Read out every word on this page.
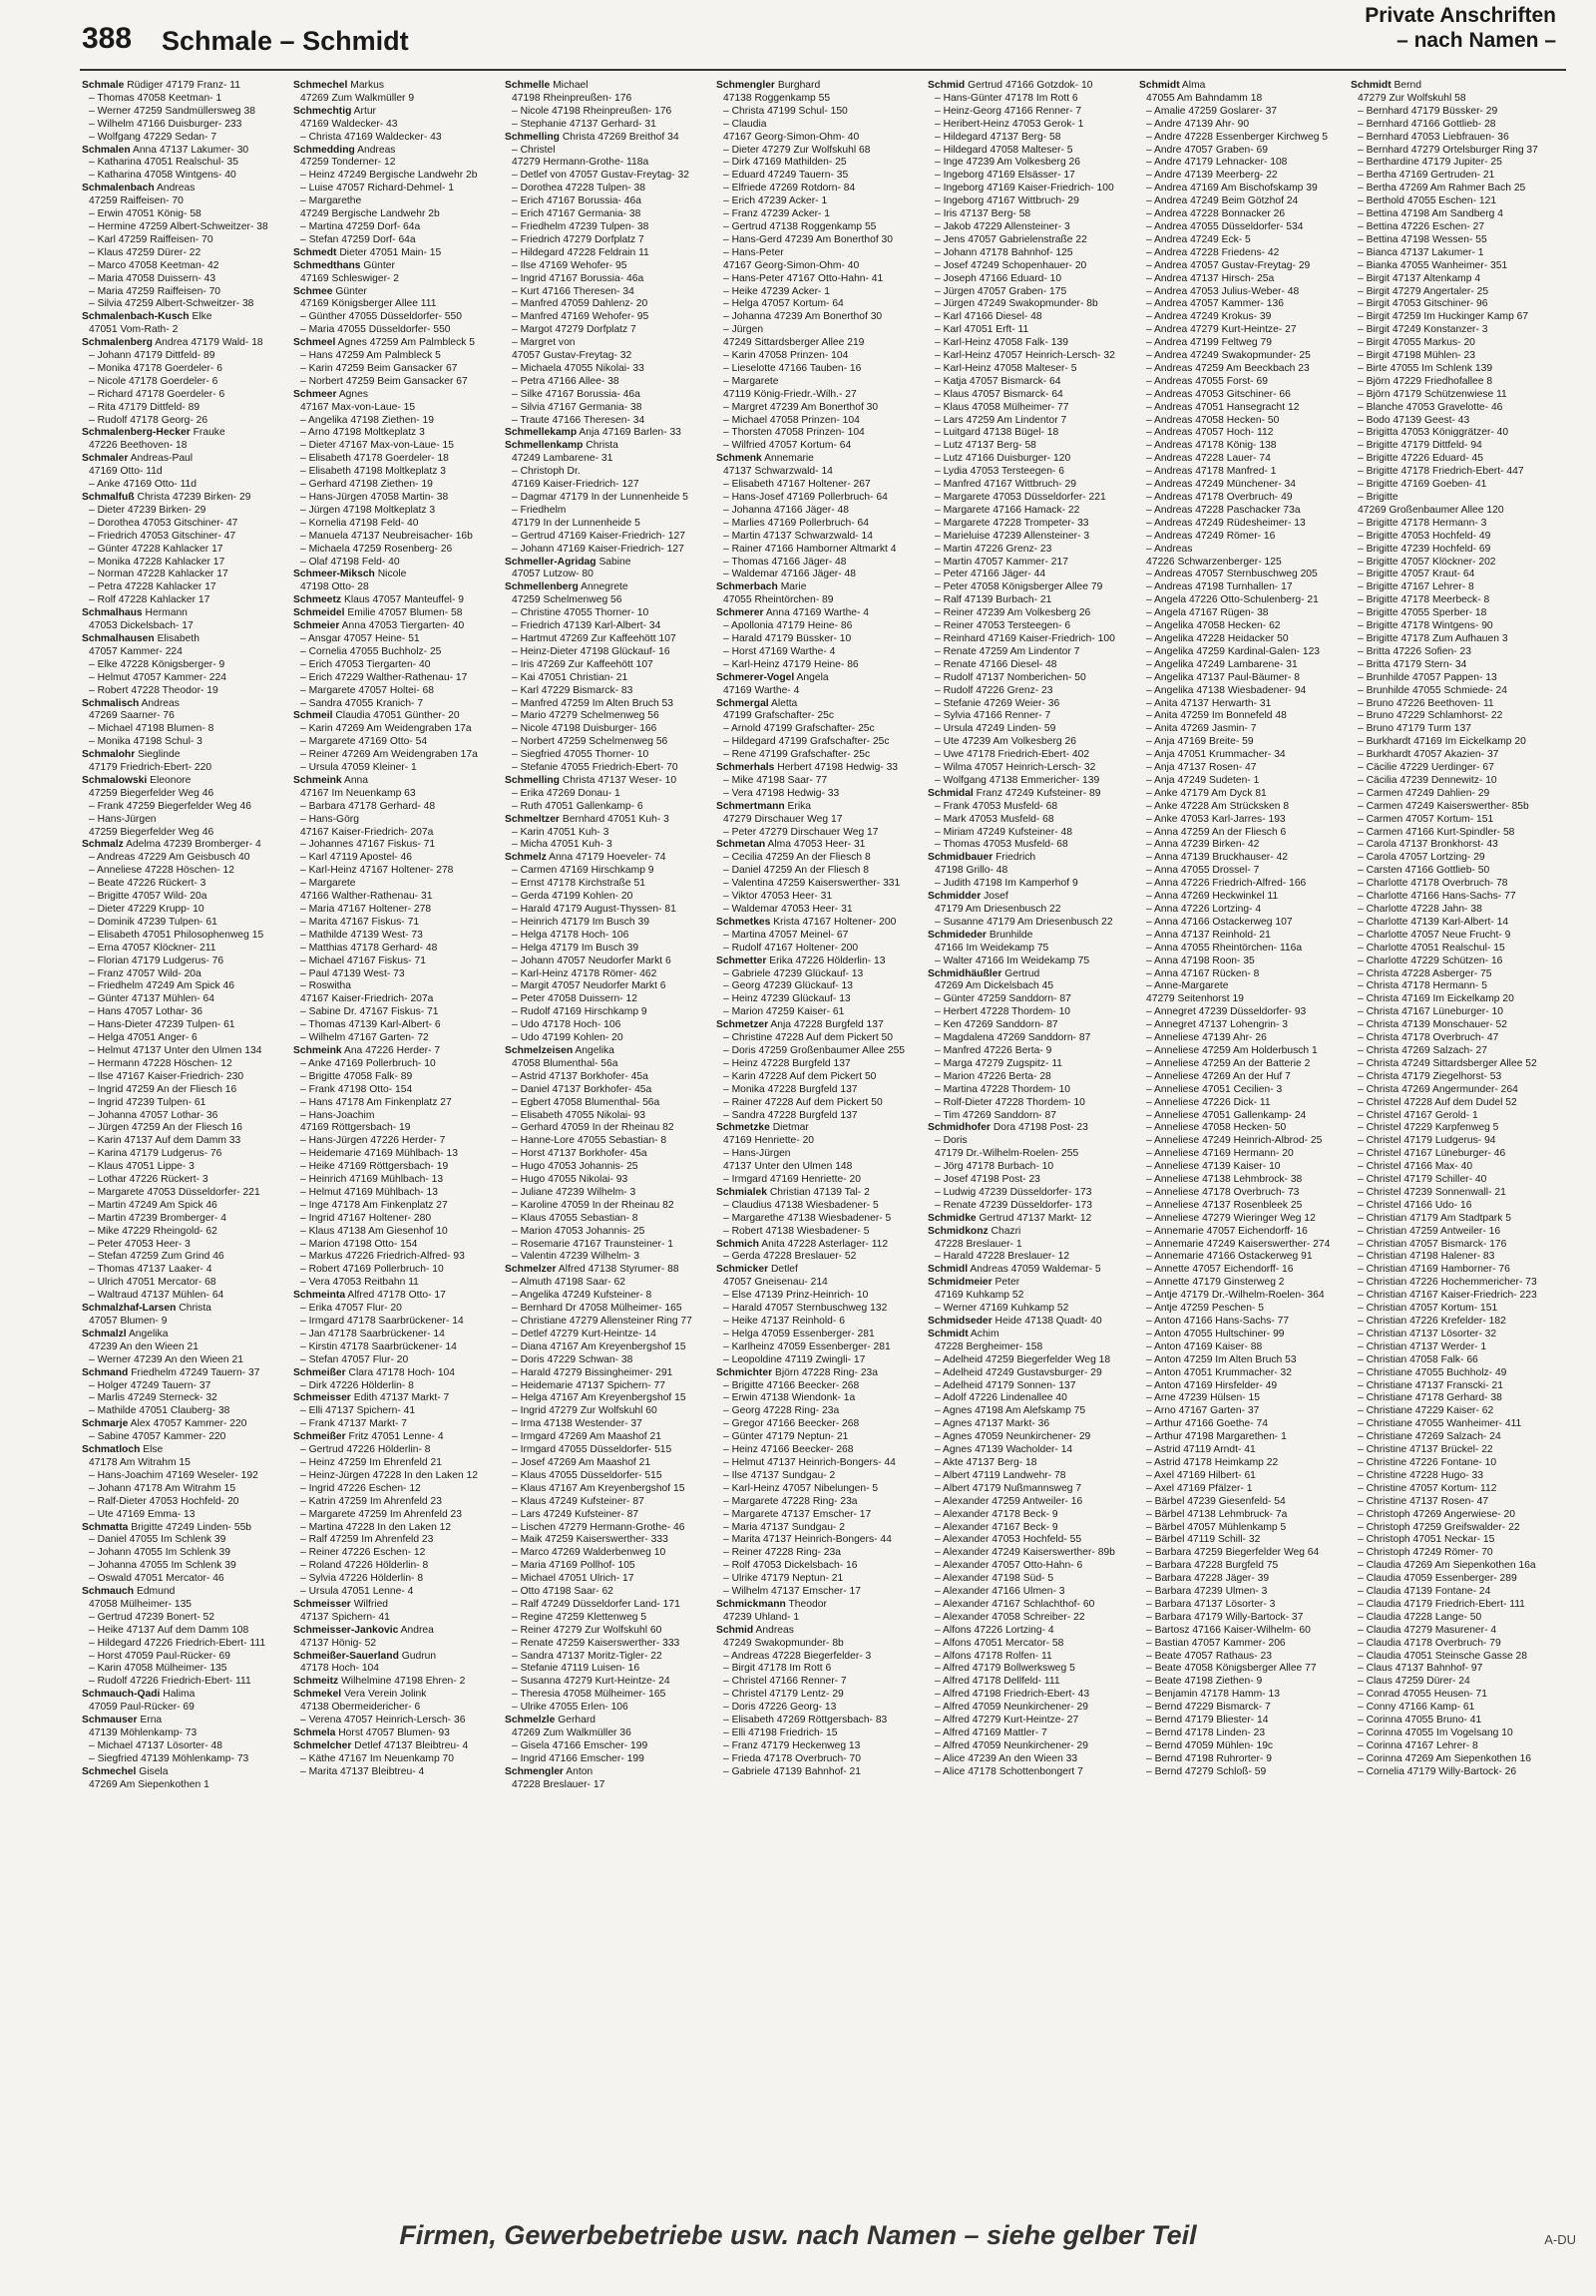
388 Schmale – Schmidt
Private Anschriften
– nach Namen –
Schmale Rüdiger 47179 Franz- 11
– Thomas 47058 Keetman- 1
– Werner 47259 Sandmüllersweg 38
– Wilhelm 47166 Duisburger- 233
– Wolfgang 47229 Sedan- 7
Schmalen Anna 47137 Lakumer- 30
– Katharina 47051 Realschul- 35
– Katharina 47058 Wintgens- 40
Schmalenbach Andreas
47259 Raiffeisen- 70
– Erwin 47051 König- 58
– Hermine 47259 Albert-Schweitzer- 38
– Karl 47259 Raiffeisen- 70
– Klaus 47259 Dürer- 22
– Marco 47058 Keetman- 42
– Maria 47058 Duissern- 43
– Maria 47259 Raiffeisen- 70
– Silvia 47259 Albert-Schweitzer- 38
Schmalenbach-Kusch Elke
47051 Vom-Rath- 2
Schmalenberg Andrea 47179 Wald- 18
– Johann 47179 Dittfeld- 89
– Monika 47178 Goerdeler- 6
– Nicole 47178 Goerdeler- 6
– Richard 47178 Goerdeler- 6
– Rita 47179 Dittfeld- 89
– Rudolf 47178 Georg- 26
Schmalenberg-Hecker Frauke
47226 Beethoven- 18
Schmaler Andreas-Paul
47169 Otto- 11d
– Anke 47169 Otto- 11d
Schmalfuß Christa 47239 Birken- 29
– Dieter 47239 Birken- 29
– Dorothea 47053 Gitschiner- 47
– Friedrich 47053 Gitschiner- 47
– Günter 47228 Kahlacker 17
– Monika 47228 Kahlacker 17
– Norman 47228 Kahlacker 17
– Petra 47228 Kahlacker 17
– Rolf 47228 Kahlacker 17
Schmalhaus Hermann
47053 Dickelsbach- 17
Schmalhausen Elisabeth
47057 Kammer- 224
– Elke 47228 Königsberger- 9
– Helmut 47057 Kammer- 224
– Robert 47228 Theodor- 19
Schmalisch Andreas
47269 Saarner- 76
– Michael 47198 Blumen- 8
– Monika 47198 Schul- 3
Schmalohr Sieglinde
47179 Friedrich-Ebert- 220
Schmalowski Eleonore
47259 Biegerfelder Weg 46
– Frank 47259 Biegerfelder Weg 46
– Hans-Jürgen
47259 Biegerfelder Weg 46
Schmalz Adelma 47239 Bromberger- 4
– Andreas 47229 Am Geisbusch 40
– Anneliese 47228 Höschen- 12
– Beate 47226 Rückert- 3
– Brigitte 47057 Wild- 20a
– Dieter 47229 Krupp- 10
– Dominik 47239 Tulpen- 61
– Elisabeth 47051 Philosophenweg 15
– Erna 47057 Klöckner- 211
– Florian 47179 Ludgerus- 76
– Franz 47057 Wild- 20a
– Friedhelm 47249 Am Spick 46
– Günter 47137 Mühlen- 64
– Hans 47057 Lothar- 36
– Hans-Dieter 47239 Tulpen- 61
– Helga 47051 Anger- 6
– Helmut 47137 Unter den Ulmen 134
– Hermann 47228 Höschen- 12
– Ilse 47167 Kaiser-Friedrich- 230
– Ingrid 47259 An der Fliesch 16
– Ingrid 47239 Tulpen- 61
– Johanna 47057 Lothar- 36
– Jürgen 47259 An der Fliesch 16
– Karin 47137 Auf dem Damm 33
– Karina 47179 Ludgerus- 76
– Klaus 47051 Lippe- 3
– Lothar 47226 Rückert- 3
– Margarete 47053 Düsseldorfer- 221
– Martin 47249 Am Spick 46
– Martin 47239 Bromberger- 4
– Mike 47229 Rheingold- 62
– Peter 47053 Heer- 3
– Stefan 47259 Zum Grind 46
– Thomas 47137 Laaker- 4
– Ulrich 47051 Mercator- 68
– Waltraud 47137 Mühlen- 64
Schmalzhaf-Larsen Christa
47057 Blumen- 9
Schmalzl Angelika
47239 An den Wieen 21
– Werner 47239 An den Wieen 21
Schmand Friedhelm 47249 Tauern- 37
– Holger 47249 Tauern- 37
– Marlis 47249 Sterneck- 32
– Mathilde 47051 Clauberg- 38
Schmarje Alex 47057 Kammer- 220
– Sabine 47057 Kammer- 220
Schmatloch Else
47178 Am Witrahm 15
– Hans-Joachim 47169 Weseler- 192
– Johann 47178 Am Witrahm 15
– Ralf-Dieter 47053 Hochfeld- 20
– Ute 47169 Emma- 13
Schmatta Brigitte 47249 Linden- 55b
– Daniel 47055 Im Schlenk 39
– Johann 47055 Im Schlenk 39
– Johanna 47055 Im Schlenk 39
– Oswald 47051 Mercator- 46
Schmauch Edmund
47058 Mülheimer- 135
– Gertrud 47239 Bonert- 52
– Heike 47137 Auf dem Damm 108
– Hildegard 47226 Friedrich-Ebert- 111
– Horst 47059 Paul-Rücker- 69
– Karin 47058 Mülheimer- 135
– Rudolf 47226 Friedrich-Ebert- 111
Schmauch-Qadi Halima
47059 Paul-Rücker- 69
Schmauser Erna
47139 Möhlenkamp- 73
– Michael 47137 Lösorter- 48
– Siegfried 47139 Möhlenkamp- 73
Schmechel Gisela
47269 Am Siepenkothen 1
Schmechel Markus
47269 Zum Walkmüller 9
Schmechtig Artur
47169 Waldecker- 43
– Christa 47169 Waldecker- 43
Schmedding Andreas
47259 Tonderner- 12
– Heinz 47249 Bergische Landwehr 2b
– Luise 47057 Richard-Dehmel- 1
– Margarethe
47249 Bergische Landwehr 2b
– Martina 47259 Dorf- 64a
– Stefan 47259 Dorf- 64a
Schmedt Dieter 47051 Main- 15
Schmedthans Günter
47169 Schleswiger- 2
Schmee Günter
47169 Königsberger Allee 111
– Günther 47055 Düsseldorfer- 550
– Maria 47055 Düsseldorfer- 550
Schmeel Agnes 47259 Am Palmbleck 5
– Hans 47259 Am Palmbleck 5
– Karin 47259 Beim Gansacker 67
– Norbert 47259 Beim Gansacker 67
Schmeer Agnes
47167 Max-von-Laue- 15
– Angelika 47198 Ziethen- 19
– Arno 47198 Moltkeplatz 3
– Dieter 47167 Max-von-Laue- 15
– Elisabeth 47178 Goerdeler- 18
– Elisabeth 47198 Moltkeplatz 3
– Gerhard 47198 Ziethen- 19
– Hans-Jürgen 47058 Martin- 38
– Jürgen 47198 Moltkeplatz 3
– Kornelia 47198 Feld- 40
– Manuela 47137 Neubreisacher- 16b
– Michaela 47259 Rosenberg- 26
– Olaf 47198 Feld- 40
Schmeer-Miksch Nicole
47198 Otto- 28
Schmeetz Klaus 47057 Manteuffel- 9
Schmeidel Emilie 47057 Blumen- 58
Schmeier Anna 47053 Tiergarten- 40
– Ansgar 47057 Heine- 51
– Cornelia 47055 Buchholz- 25
– Erich 47053 Tiergarten- 40
– Erich 47229 Walther-Rathenau- 17
– Margarete 47057 Holtei- 68
– Sandra 47055 Kranich- 7
Schmeil Claudia 47051 Günther- 20
– Karin 47269 Am Weidengraben 17a
– Margarete 47169 Otto- 54
– Reiner 47269 Am Weidengraben 17a
– Ursula 47059 Kleiner- 1
Schmeink Anna
47167 Im Neuenkamp 63
– Barbara 47178 Gerhard- 48
– Hans-Görg
47167 Kaiser-Friedrich- 207a
– Johannes 47167 Fiskus- 71
– Karl 47119 Apostel- 46
– Karl-Heinz 47167 Holtener- 278
– Margarete
47166 Walther-Rathenau- 31
– Maria 47167 Holtener- 278
– Marita 47167 Fiskus- 71
– Mathilde 47139 West- 73
– Matthias 47178 Gerhard- 48
– Michael 47167 Fiskus- 71
– Paul 47139 West- 73
– Roswitha
47167 Kaiser-Friedrich- 207a
– Sabine Dr. 47167 Fiskus- 71
– Thomas 47139 Karl-Albert- 6
– Wilhelm 47167 Garten- 72
Schmeink Ana 47226 Herder- 7
– Anke 47169 Pollerbruch- 10
– Brigitte 47058 Falk- 89
– Frank 47198 Otto- 154
– Hans 47178 Am Finkenplatz 27
– Hans-Joachim
47169 Röttgersbach- 19
– Hans-Jürgen 47226 Herder- 7
– Heidemarie 47169 Mühlbach- 13
– Heike 47169 Röttgersbach- 19
– Heinrich 47169 Mühlbach- 13
– Helmut 47169 Mühlbach- 13
– Inge 47178 Am Finkenplatz 27
– Ingrid 47167 Holtener- 280
– Klaus 47138 Am Giesenhof 10
– Marion 47198 Otto- 154
– Markus 47226 Friedrich-Alfred- 93
– Robert 47169 Pollerbruch- 10
– Vera 47053 Reitbahn 11
Schmeinta Alfred 47178 Otto- 17
– Erika 47057 Flur- 20
– Irmgard 47178 Saarbrückener- 14
– Jan 47178 Saarbrückener- 14
– Kirstin 47178 Saarbrückener- 14
– Stefan 47057 Flur- 20
Schmeißer Clara 47178 Hoch- 104
– Dirk 47226 Hölderlin- 8
Schmeisser Edith 47137 Markt- 7
– Elli 47137 Spichern- 41
– Frank 47137 Markt- 7
Schmeißer Fritz 47051 Lenne- 4
– Gertrud 47226 Hölderlin- 8
– Heinz 47259 Im Ehrenfeld 21
– Heinz-Jürgen 47228 In den Laken 12
– Ingrid 47226 Eschen- 12
– Katrin 47259 Im Ahrenfeld 23
– Margarete 47259 Im Ahrenfeld 23
– Martina 47228 In den Laken 12
– Ralf 47259 Im Ahrenfeld 23
– Reiner 47226 Eschen- 12
– Roland 47226 Hölderlin- 8
– Sylvia 47226 Hölderlin- 8
– Ursula 47051 Lenne- 4
Schmeisser Wilfried
47137 Spichern- 41
Schmeisser-Jankovic Andrea
47137 Hönig- 52
Schmeißer-Sauerland Gudrun
47178 Hoch- 104
Schmeitz Wilhelmine 47198 Ehren- 2
Schmekel Vera Verein Jolink
47138 Obermeidericher- 6
– Verena 47057 Heinrich-Lersch- 36
Schmela Horst 47057 Blumen- 93
Schmelcher Detlef 47137 Bleibtreu- 4
– Käthe 47167 Im Neuenkamp 70
– Marita 47137 Bleibtreu- 4
Schmelle Michael
47198 Rheinpreußen- 176
– Nicole 47198 Rheinpreußen- 176
– Stephanie 47137 Gerhard- 31
Schmelling Christa 47269 Breithof 34
– Christel
47279 Hermann-Grothe- 118a
– Detlef von 47057 Gustav-Freytag- 32
– Dorothea 47228 Tulpen- 38
– Erich 47167 Borussia- 46a
– Erich 47167 Germania- 38
– Friedhelm 47239 Tulpen- 38
– Friedrich 47279 Dorfplatz 7
– Hildegard 47228 Feldrain 11
– Ilse 47169 Wehofer- 95
– Ingrid 47167 Borussia- 46a
– Kurt 47166 Theresen- 34
– Manfred 47059 Dahlenz- 20
– Manfred 47169 Wehofer- 95
– Margot 47279 Dorfplatz 7
– Margret von
47057 Gustav-Freytag- 32
– Michaela 47055 Nikolai- 33
– Petra 47166 Allee- 38
– Silke 47167 Borussia- 46a
– Silvia 47167 Germania- 38
– Traute 47166 Theresen- 34
Schmellekamp Anja 47169 Barlen- 33
Schmellenkamp Christa
47249 Lambarene- 31
– Christoph Dr.
47169 Kaiser-Friedrich- 127
– Dagmar 47179 In der Lunnenheide 5
– Friedhelm
47179 In der Lunnenheide 5
– Gertrud 47169 Kaiser-Friedrich- 127
– Johann 47169 Kaiser-Friedrich- 127
Schmeller-Agridag Sabine
47057 Lutzow- 80
Schmellenberg Annegrete
47259 Schelmenweg 56
– Christine 47055 Thorner- 10
– Friedrich 47139 Karl-Albert- 34
– Hartmut 47269 Zur Kaffeehött 107
– Heinz-Dieter 47198 Glückauf- 16
– Iris 47269 Zur Kaffeehött 107
– Kai 47051 Christian- 21
– Karl 47229 Bismarck- 83
– Manfred 47259 Im Alten Bruch 53
– Mario 47279 Schelmenweg 56
– Nicole 47198 Duisburger- 166
– Norbert 47259 Schelmenweg 56
– Siegfried 47055 Thorner- 10
– Stefanie 47055 Friedrich-Ebert- 70
Schmelling Christa 47137 Weser- 10
– Erika 47269 Donau- 1
– Ruth 47051 Gallenkamp- 6
Schmeltzer Bernhard 47051 Kuh- 3
– Karin 47051 Kuh- 3
– Micha 47051 Kuh- 3
Schmelz Anna 47179 Hoeveler- 74
– Carmen 47169 Hirschkamp 9
– Ernst 47178 Kirchstraße 51
– Gerda 47199 Kohlen- 20
– Harald 47179 August-Thyssen- 81
– Heinrich 47179 Im Busch 39
– Helga 47178 Hoch- 106
– Helga 47179 Im Busch 39
– Johann 47057 Neudorfer Markt 6
– Karl-Heinz 47178 Römer- 462
– Margit 47057 Neudorfer Markt 6
– Peter 47058 Duissern- 12
– Rudolf 47169 Hirschkamp 9
– Udo 47178 Hoch- 106
– Udo 47199 Kohlen- 20
Schmelzeisen Angelika
47058 Blumenthal- 56a
– Astrid 47137 Borkhofer- 45a
– Daniel 47137 Borkhofer- 45a
– Egbert 47058 Blumenthal- 56a
– Elisabeth 47055 Nikolai- 93
– Gerhard 47059 In der Rheinau 82
– Hanne-Lore 47055 Sebastian- 8
– Horst 47137 Borkhofer- 45a
– Hugo 47053 Johannis- 25
– Hugo 47055 Nikolai- 93
– Juliane 47239 Wilhelm- 3
– Karoline 47059 In der Rheinau 82
– Klaus 47055 Sebastian- 8
– Marion 47053 Johannis- 25
– Rosemarie 47167 Traunsteiner- 1
– Valentin 47239 Wilhelm- 3
Schmelzer Alfred 47138 Styrumer- 88
– Almuth 47198 Saar- 62
– Angelika 47249 Kufsteiner- 8
– Bernhard Dr 47058 Mülheimer- 165
– Christiane 47279 Allensteiner Ring 77
– Detlef 47279 Kurt-Heintze- 14
– Diana 47167 Am Kreyenbergshof 15
– Doris 47229 Schwan- 38
– Harald 47279 Bissingheimer- 291
– Heidemarie 47137 Spichern- 77
– Helga 47167 Am Kreyenbergshof 15
– Ingrid 47279 Zur Wolfskuhl 60
– Irma 47138 Westender- 37
– Irmgard 47269 Am Maashof 21
– Irmgard 47055 Düsseldorfer- 515
– Josef 47269 Am Maashof 21
– Klaus 47055 Düsseldorfer- 515
– Klaus 47167 Am Kreyenbergshof 15
– Klaus 47249 Kufsteiner- 87
– Lars 47249 Kufsteiner- 87
– Lischen 47279 Hermann-Grothe- 46
– Maik 47259 Kaiserswerther- 333
– Marco 47269 Walderbenweg 10
– Maria 47169 Pollhof- 105
– Michael 47051 Ulrich- 17
– Otto 47198 Saar- 62
– Ralf 47249 Düsseldorfer Land- 171
– Regine 47259 Klettenweg 5
– Reiner 47279 Zur Wolfskuhl 60
– Renate 47259 Kaiserswerther- 333
– Sandra 47137 Moritz-Tigler- 22
– Stefanie 47119 Luisen- 16
– Susanna 47279 Kurt-Heintze- 24
– Theresia 47058 Mülheimer- 165
– Ulrike 47055 Erlen- 106
Schmelzle Gerhard
47269 Zum Walkmüller 36
– Gisela 47166 Emscher- 199
– Ingrid 47166 Emscher- 199
Schmengler Anton
47228 Breslauer- 17
Schmengler Burghard
47138 Roggenkamp 55
– Christa 47199 Schul- 150
– Claudia
47167 Georg-Simon-Ohm- 40
– Dieter 47279 Zur Wolfskuhl 68
– Dirk 47169 Mathilden- 25
– Eduard 47249 Tauern- 35
– Elfriede 47269 Rotdorn- 84
– Erich 47239 Acker- 1
– Franz 47239 Acker- 1
– Gertrud 47138 Roggenkamp 55
– Hans-Gerd 47239 Am Bonerthof 30
– Hans-Peter
47167 Georg-Simon-Ohm- 40
– Hans-Peter 47167 Otto-Hahn- 41
– Heike 47239 Acker- 1
– Helga 47057 Kortum- 64
– Johanna 47239 Am Bonerthof 30
– Jürgen
47249 Sittardsberger Allee 219
– Karin 47058 Prinzen- 104
– Lieselotte 47166 Tauben- 16
– Margarete
47119 König-Friedr.-Wilh.- 27
– Margret 47239 Am Bonerthof 30
– Michael 47058 Prinzen- 104
– Thorsten 47058 Prinzen- 104
– Wilfried 47057 Kortum- 64
Schmenk Annemarie
47137 Schwarzwald- 14
– Elisabeth 47167 Holtener- 267
– Hans-Josef 47169 Pollerbruch- 64
– Johanna 47166 Jäger- 48
– Marlies 47169 Pollerbruch- 64
– Martin 47137 Schwarzwald- 14
– Rainer 47166 Hamborner Altmarkt 4
– Thomas 47166 Jäger- 48
– Waldemar 47166 Jäger- 48
Schmerbach Marie
47055 Rheintörchen- 89
Schmerer Anna 47169 Warthe- 4
– Apollonia 47179 Heine- 86
– Harald 47179 Büssker- 10
– Horst 47169 Warthe- 4
– Karl-Heinz 47179 Heine- 86
Schmerer-Vogel Angela
47169 Warthe- 4
Schmergal Aletta
47199 Grafschafter- 25c
– Arnold 47199 Grafschafter- 25c
– Hildegard 47199 Grafschafter- 25c
– Rene 47199 Grafschafter- 25c
Schmerhals Herbert 47198 Hedwig- 33
– Mike 47198 Saar- 77
– Vera 47198 Hedwig- 33
Schmertmann Erika
47279 Dirschauer Weg 17
– Peter 47279 Dirschauer Weg 17
Schmetan Alma 47053 Heer- 31
– Cecilia 47259 An der Fliesch 8
– Daniel 47259 An der Fliesch 8
– Valentina 47259 Kaiserswerther- 331
– Viktor 47053 Heer- 31
– Waldemar 47053 Heer- 31
Schmetkes Krista 47167 Holtener- 200
– Martina 47057 Meinel- 67
– Rudolf 47167 Holtener- 200
Schmetter Erika 47226 Hölderlin- 13
– Gabriele 47239 Glückauf- 13
– Georg 47239 Glückauf- 13
– Heinz 47239 Glückauf- 13
– Marion 47259 Kaiser- 61
Schmetzer Anja 47228 Burgfeld 137
– Christine 47228 Auf dem Pickert 50
– Doris 47259 Großenbaumer Allee 255
– Heinz 47228 Burgfeld 137
– Karin 47228 Auf dem Pickert 50
– Monika 47228 Burgfeld 137
– Rainer 47228 Auf dem Pickert 50
– Sandra 47228 Burgfeld 137
Schmetzke Dietmar
47169 Henriette- 20
– Hans-Jürgen
47137 Unter den Ulmen 148
– Irmgard 47169 Henriette- 20
Schmialek Christian 47139 Tal- 2
– Claudius 47138 Wiesbadener- 5
– Margarethe 47138 Wiesbadener- 5
– Robert 47138 Wiesbadener- 5
Schmich Anita 47228 Asterlager- 112
– Gerda 47228 Breslauer- 52
Schmicker Detlef
47057 Gneisenau- 214
– Else 47139 Prinz-Heinrich- 10
– Harald 47057 Sternbuschweg 132
– Heike 47137 Reinhold- 6
– Helga 47059 Essenberger- 281
– Karlheinz 47059 Essenberger- 281
– Leopoldine 47119 Zwingli- 17
Schmichter Björn 47228 Ring- 23a
– Brigitte 47166 Beecker- 268
– Erwin 47138 Wiendonk- 1a
– Georg 47228 Ring- 23a
– Gregor 47166 Beecker- 268
– Günter 47179 Neptun- 21
– Heinz 47166 Beecker- 268
– Helmut 47137 Heinrich-Bongers- 44
– Ilse 47137 Sundgau- 2
– Karl-Heinz 47057 Nibelungen- 5
– Margarete 47228 Ring- 23a
– Margarete 47137 Emscher- 17
– Maria 47137 Sundgau- 2
– Marita 47137 Heinrich-Bongers- 44
– Reiner 47228 Ring- 23a
– Rolf 47053 Dickelsbach- 16
– Ulrike 47179 Neptun- 21
– Wilhelm 47137 Emscher- 17
Schmickmann Theodor
47239 Uhland- 1
Schmid Andreas
47249 Swakopmunder- 8b
– Andreas 47228 Biegerfelder- 3
– Birgit 47178 Im Rott 6
– Christel 47166 Renner- 7
– Christel 47179 Lentz- 29
– Doris 47226 Georg- 13
– Elisabeth 47269 Röttgersbach- 83
– Elli 47198 Friedrich- 15
– Franz 47179 Heckenweg 13
– Frieda 47178 Overbruch- 70
– Gabriele 47139 Bahnhof- 21
Schmid Gertrud 47166 Gotzdok- 10
– Hans-Günter 47178 Im Rott 6
– Heinz-Georg 47166 Renner- 7
– Heribert-Heinz 47053 Gerok- 1
– Hildegard 47137 Berg- 58
– Hildegard 47058 Malteser- 5
– Inge 47239 Am Volkesberg 26
– Ingeborg 47169 Elsässer- 17
– Ingeborg 47169 Kaiser-Friedrich- 100
– Ingeborg 47167 Wittbruch- 29
– Iris 47137 Berg- 58
– Jakob 47229 Allensteiner- 3
– Jens 47057 Gabrielenstraße 22
– Johann 47178 Bahnhof- 125
– Josef 47249 Schopenhauer- 20
– Joseph 47166 Eduard- 10
– Jürgen 47057 Graben- 175
– Jürgen 47249 Swakopmunder- 8b
– Karl 47166 Diesel- 48
– Karl 47051 Erft- 11
– Karl-Heinz 47058 Falk- 139
– Karl-Heinz 47057 Heinrich-Lersch- 32
– Karl-Heinz 47058 Malteser- 5
– Katja 47057 Bismarck- 64
– Klaus 47057 Bismarck- 64
– Klaus 47058 Mülheimer- 77
– Lars 47259 Am Lindentor 7
– Luitgard 47138 Bügel- 18
– Lutz 47137 Berg- 58
– Lutz 47166 Duisburger- 120
– Lydia 47053 Tersteegen- 6
– Manfred 47167 Wittbruch- 29
– Margarete 47053 Düsseldorfer- 221
– Margarete 47166 Hamack- 22
– Margarete 47228 Trompeter- 33
– Marieluise 47239 Allensteiner- 3
– Martin 47226 Grenz- 23
– Martin 47057 Kammer- 217
– Peter 47166 Jäger- 44
– Peter 47058 Königsberger Allee 79
– Ralf 47139 Burbach- 21
– Reiner 47239 Am Volkesberg 26
– Reiner 47053 Tersteegen- 6
– Reinhard 47169 Kaiser-Friedrich- 100
– Renate 47259 Am Lindentor 7
– Renate 47166 Diesel- 48
– Rudolf 47137 Nomberichen- 50
– Rudolf 47226 Grenz- 23
– Stefanie 47269 Weier- 36
– Sylvia 47166 Renner- 7
– Ursula 47249 Linden- 59
– Ute 47239 Am Volkesberg 26
– Uwe 47178 Friedrich-Ebert- 402
– Wilma 47057 Heinrich-Lersch- 32
– Wolfgang 47138 Emmericher- 139
Schmidal Franz 47249 Kufsteiner- 89
– Frank 47053 Musfeld- 68
– Mark 47053 Musfeld- 68
– Miriam 47249 Kufsteiner- 48
– Thomas 47053 Musfeld- 68
Schmidbauer Friedrich
47198 Grillo- 48
– Judith 47198 Im Kamperhof 9
Schmidder Josef
47179 Am Driesenbusch 22
– Susanne 47179 Am Driesenbusch 22
Schmideder Brunhilde
47166 Im Weidekamp 75
– Walter 47166 Im Weidekamp 75
Schmidhäußler Gertrud
47269 Am Dickelsbach 45
– Günter 47259 Sanddorn- 87
– Herbert 47228 Thordem- 10
– Ken 47269 Sanddorn- 87
– Magdalena 47269 Sanddorn- 87
– Manfred 47226 Berta- 9
– Marga 47279 Zugspitz- 11
– Marion 47226 Berta- 28
– Martina 47228 Thordem- 10
– Rolf-Dieter 47228 Thordem- 10
– Tim 47269 Sanddorn- 87
Schmidhofer Dora 47198 Post- 23
– Doris
47179 Dr.-Wilhelm-Roelen- 255
– Jörg 47178 Burbach- 10
– Josef 47198 Post- 23
– Ludwig 47239 Düsseldorfer- 173
– Renate 47239 Düsseldorfer- 173
Schmidke Gertrud 47137 Markt- 12
Schmidkonz Chazri
47228 Breslauer- 1
– Harald 47228 Breslauer- 12
Schmidl Andreas 47059 Waldemar- 5
Schmidmeier Peter
47169 Kuhkamp 52
– Werner 47169 Kuhkamp 52
Schmidseder Heide 47138 Quadt- 40
Schmidt Achim
47228 Bergheimer- 158
– Adelheid 47259 Biegerfelder Weg 18
– Adelheid 47249 Gustavsburger- 29
– Adelheid 47179 Sonnen- 137
– Adolf 47226 Lindenallee 40
– Agnes 47198 Am Alefskamp 75
– Agnes 47137 Markt- 36
– Agnes 47059 Neunkirchener- 29
– Agnes 47139 Wacholder- 14
– Akte 47137 Berg- 18
– Albert 47119 Landwehr- 78
– Albert 47179 Nußmannsweg 7
– Alexander 47259 Antweiler- 16
– Alexander 47178 Beck- 9
– Alexander 47167 Beck- 9
– Alexander 47053 Hochfeld- 55
– Alexander 47249 Kaiserswerther- 89b
– Alexander 47057 Otto-Hahn- 6
– Alexander 47198 Süd- 5
– Alexander 47166 Ulmen- 3
– Alexander 47167 Schlachthof- 60
– Alexander 47058 Schreiber- 22
– Alfons 47226 Lortzing- 4
– Alfons 47051 Mercator- 58
– Alfons 47178 Rolfen- 11
– Alfred 47179 Bollwerksweg 5
– Alfred 47178 Dellfeld- 111
– Alfred 47198 Friedrich-Ebert- 43
– Alfred 47059 Neunkirchener- 29
– Alfred 47279 Kurt-Heintze- 27
– Alfred 47169 Mattler- 7
– Alfred 47059 Neunkirchener- 29
– Alice 47239 An den Wieen 33
– Alice 47178 Schottenbongert 7
Schmidt Alma
47055 Am Bahndamm 18
– Amalie 47259 Goslarer- 37
– Andre 47139 Ahr- 90
– Andre 47228 Essenberger Kirchweg 5
– Andre 47057 Graben- 69
– Andre 47179 Lehnacker- 108
– Andre 47139 Meerberg- 22
– Andrea 47169 Am Bischofskamp 39
– Andrea 47249 Beim Götzhof 24
– Andrea 47228 Bonnacker 26
– Andrea 47055 Düsseldorfer- 534
– Andrea 47249 Eck- 5
– Andrea 47228 Friedens- 42
– Andrea 47057 Gustav-Freytag- 29
– Andrea 47137 Hirsch- 25a
– Andrea 47053 Julius-Weber- 48
– Andrea 47057 Kammer- 136
– Andrea 47249 Krokus- 39
– Andrea 47279 Kurt-Heintze- 27
– Andrea 47199 Feltweg 79
– Andrea 47249 Swakopmunder- 25
– Andreas 47259 Am Beeckbach 23
– Andreas 47055 Forst- 69
– Andreas 47053 Gitschiner- 66
– Andreas 47051 Hansegracht 12
– Andreas 47058 Hecken- 50
– Andreas 47057 Hoch- 112
– Andreas 47178 König- 138
– Andreas 47228 Lauer- 74
– Andreas 47178 Manfred- 1
– Andreas 47249 Münchener- 34
– Andreas 47178 Overbruch- 49
– Andreas 47228 Paschacker 73a
– Andreas 47249 Rüdesheimer- 13
– Andreas 47249 Römer- 16
– Andreas
47226 Schwarzenberger- 125
– Andreas 47057 Sternbuschweg 205
– Andreas 47198 Turnhallen- 17
– Angela 47226 Otto-Schulenberg- 21
– Angela 47167 Rügen- 38
– Angelika 47058 Hecken- 62
– Angelika 47228 Heidacker 50
– Angelika 47259 Kardinal-Galen- 123
– Angelika 47249 Lambarene- 31
– Angelika 47137 Paul-Bäumer- 8
– Angelika 47138 Wiesbadener- 94
– Anita 47137 Herwarth- 31
– Anita 47259 Im Bonnefeld 48
– Anita 47269 Jasmin- 7
– Anja 47169 Breite- 59
– Anja 47051 Krummacher- 34
– Anja 47137 Rosen- 47
– Anja 47249 Sudeten- 1
– Anke 47179 Am Dyck 81
– Anke 47228 Am Strücksken 8
– Anke 47053 Karl-Jarres- 193
– Anna 47259 An der Fliesch 6
– Anna 47239 Birken- 42
– Anna 47139 Bruckhauser- 42
– Anna 47055 Drossel- 7
– Anna 47226 Friedrich-Alfred- 166
– Anna 47269 Heckwinkel 11
– Anna 47226 Lortzing- 4
– Anna 47166 Ostackerweg 107
– Anna 47137 Reinhold- 21
– Anna 47055 Rheintörchen- 116a
– Anna 47198 Roon- 35
– Anna 47167 Rücken- 8
– Anne-Margarete
47279 Seitenhorst 19
– Annegret 47239 Düsseldorfer- 93
– Annegret 47137 Lohengrin- 3
– Anneliese 47139 Ahr- 26
– Anneliese 47259 Am Holderbusch 1
– Anneliese 47259 An der Batterie 2
– Anneliese 47269 An der Huf 7
– Anneliese 47051 Cecilien- 3
– Anneliese 47226 Dick- 11
– Anneliese 47051 Gallenkamp- 24
– Anneliese 47058 Hecken- 50
– Anneliese 47249 Heinrich-Albrod- 25
– Anneliese 47169 Hermann- 20
– Anneliese 47139 Kaiser- 10
– Anneliese 47138 Lehmbrock- 38
– Anneliese 47178 Overbruch- 73
– Anneliese 47137 Rosenbleek 25
– Anneliese 47279 Wieringer Weg 12
– Annemarie 47057 Eichendorff- 16
– Annemarie 47249 Kaiserswerther- 274
– Annemarie 47166 Ostackerweg 91
– Annette 47057 Eichendorff- 16
– Annette 47179 Ginsterweg 2
– Antje 47179 Dr.-Wilhelm-Roelen- 364
– Antje 47259 Peschen- 5
– Anton 47166 Hans-Sachs- 77
– Anton 47055 Hultschiner- 99
– Anton 47169 Kaiser- 88
– Anton 47259 Im Alten Bruch 53
– Anton 47051 Krummacher- 32
– Anton 47169 Hirsfelder- 49
– Arne 47239 Hülsen- 15
– Arno 47167 Garten- 37
– Arthur 47166 Goethe- 74
– Arthur 47198 Margarethen- 1
– Astrid 47119 Arndt- 41
– Astrid 47178 Heimkamp 22
– Axel 47169 Hilbert- 61
– Axel 47169 Pfälzer- 1
– Bärbel 47239 Giesenfeld- 54
– Bärbel 47138 Lehmbruck- 7a
– Bärbel 47057 Mühlenkamp 5
– Bärbel 47119 Schill- 32
– Barbara 47259 Biegerfelder Weg 64
– Barbara 47228 Burgfeld 75
– Barbara 47228 Jäger- 39
– Barbara 47239 Ulmen- 3
– Barbara 47137 Lösorter- 3
– Barbara 47179 Willy-Bartock- 37
– Bartosz 47166 Kaiser-Wilhelm- 60
– Bastian 47057 Kammer- 206
– Beate 47057 Rathaus- 23
– Beate 47058 Königsberger Allee 77
– Beate 47198 Ziethen- 9
– Benjamin 47178 Hamm- 13
– Bernd 47229 Bismarck- 7
– Bernd 47179 Bliester- 14
– Bernd 47178 Linden- 23
– Bernd 47059 Mühlen- 19c
– Bernd 47198 Ruhrorter- 9
– Bernd 47279 Schloß- 59
Schmidt Bernd
47279 Zur Wolfskuhl 58
– Bernhard 47179 Büssker- 29
– Bernhard 47166 Gottlieb- 28
– Bernhard 47053 Liebfrauen- 36
– Bernhard 47279 Ortelsburger Ring 37
– Berthardine 47179 Jupiter- 25
– Bertha 47169 Gertruden- 21
– Bertha 47269 Am Rahmer Bach 25
– Berthold 47055 Eschen- 121
– Bettina 47198 Am Sandberg 4
– Bettina 47226 Eschen- 27
– Bettina 47198 Wessen- 55
– Bianca 47137 Lakumer- 1
– Bianka 47055 Wanheimer- 351
– Birgit 47137 Altenkamp 4
– Birgit 47279 Angertaler- 25
– Birgit 47053 Gitschiner- 96
– Birgit 47259 Im Huckinger Kamp 67
– Birgit 47249 Konstanzer- 3
– Birgit 47055 Markus- 20
– Birgit 47198 Mühlen- 23
– Birte 47055 Im Schlenk 139
– Björn 47229 Friedhofallee 8
– Björn 47179 Schützenwiese 11
– Blanche 47053 Gravelotte- 46
– Bodo 47139 Geest- 43
– Brigitta 47053 Königgrätzer- 40
– Brigitte 47179 Dittfeld- 94
– Brigitte 47226 Eduard- 45
– Brigitte 47178 Friedrich-Ebert- 447
– Brigitte 47169 Goeben- 41
– Brigitte
47269 Großenbaumer Allee 120
– Brigitte 47178 Hermann- 3
– Brigitte 47053 Hochfeld- 49
– Brigitte 47239 Hochfeld- 69
– Brigitte 47057 Klöckner- 202
– Brigitte 47057 Kraut- 64
– Brigitte 47167 Lehrer- 8
– Brigitte 47178 Meerbeck- 8
– Brigitte 47055 Sperber- 18
– Brigitte 47178 Wintgens- 90
– Brigitte 47178 Zum Aufhauen 3
– Britta 47226 Sofien- 23
– Britta 47179 Stern- 34
– Brunhilde 47057 Pappen- 13
– Brunhilde 47055 Schmiede- 24
– Bruno 47226 Beethoven- 11
– Bruno 47229 Schlamhorst- 22
– Bruno 47179 Turm 137
– Burkhardt 47169 Im Eickelkamp 20
– Burkhardt 47057 Akazien- 37
– Cäcilie 47229 Uerdinger- 67
– Cäcilia 47239 Dennewitz- 10
– Carmen 47249 Dahlien- 29
– Carmen 47249 Kaiserswerther- 85b
– Carmen 47057 Kortum- 151
– Carmen 47166 Kurt-Spindler- 58
– Carola 47137 Bronkhorst- 43
– Carola 47057 Lortzing- 29
– Carsten 47166 Gottlieb- 50
– Charlotte 47178 Overbruch- 78
– Charlotte 47166 Hans-Sachs- 77
– Charlotte 47228 Jahn- 38
– Charlotte 47139 Karl-Albert- 14
– Charlotte 47057 Neue Frucht- 9
– Charlotte 47051 Realschul- 15
– Charlotte 47229 Schützen- 16
– Christa 47228 Asberger- 75
– Christa 47178 Hermann- 5
– Christa 47169 Im Eickelkamp 20
– Christa 47167 Lüneburger- 10
– Christa 47139 Monschauer- 52
– Christa 47178 Overbruch- 47
– Christa 47269 Salzach- 27
– Christa 47249 Sittardsberger Allee 52
– Christa 47179 Ziegelhorst- 53
– Christa 47269 Angermunder- 264
– Christel 47228 Auf dem Dudel 52
– Christel 47167 Gerold- 1
– Christel 47229 Karpfenweg 5
– Christel 47179 Ludgerus- 94
– Christel 47167 Lüneburger- 46
– Christel 47166 Max- 40
– Christel 47179 Schiller- 40
– Christel 47239 Sonnenwall- 21
– Christel 47166 Udo- 16
– Christian 47179 Am Stadtpark 5
– Christian 47259 Antweiler- 16
– Christian 47057 Bismarck- 176
– Christian 47198 Halener- 83
– Christian 47169 Hamborner- 76
– Christian 47226 Hochemmericher- 73
– Christian 47167 Kaiser-Friedrich- 223
– Christian 47057 Kortum- 151
– Christian 47226 Krefelder- 182
– Christian 47137 Lösorter- 32
– Christian 47137 Werder- 1
– Christian 47058 Falk- 66
– Christiane 47055 Buchholz- 49
– Christiane 47137 Franscki- 21
– Christiane 47178 Gerhard- 38
– Christiane 47229 Kaiser- 62
– Christiane 47055 Wanheimer- 411
– Christiane 47269 Salzach- 24
– Christine 47137 Brückel- 22
– Christine 47226 Fontane- 10
– Christine 47228 Hugo- 33
– Christine 47057 Kortum- 112
– Christine 47137 Rosen- 47
– Christoph 47269 Angerwiese- 20
– Christoph 47259 Greifswalder- 22
– Christoph 47051 Neckar- 15
– Christoph 47249 Römer- 70
– Claudia 47269 Am Siepenkothen 16a
– Claudia 47059 Essenberger- 289
– Claudia 47139 Fontane- 24
– Claudia 47179 Friedrich-Ebert- 111
– Claudia 47228 Lange- 50
– Claudia 47279 Masurener- 4
– Claudia 47178 Overbruch- 79
– Claudia 47051 Steinsche Gasse 28
– Claus 47137 Bahnhof- 97
– Claus 47259 Dürer- 24
– Conrad 47055 Heusen- 71
– Conny 47166 Kamp- 61
– Corinna 47055 Bruno- 41
– Corinna 47055 Im Vogelsang 10
– Corinna 47167 Lehrer- 8
– Corinna 47269 Am Siepenkothen 16
– Cornelia 47179 Willy-Bartock- 26
Firmen, Gewerbebetriebe usw. nach Namen – siehe gelber Teil	A-DU
